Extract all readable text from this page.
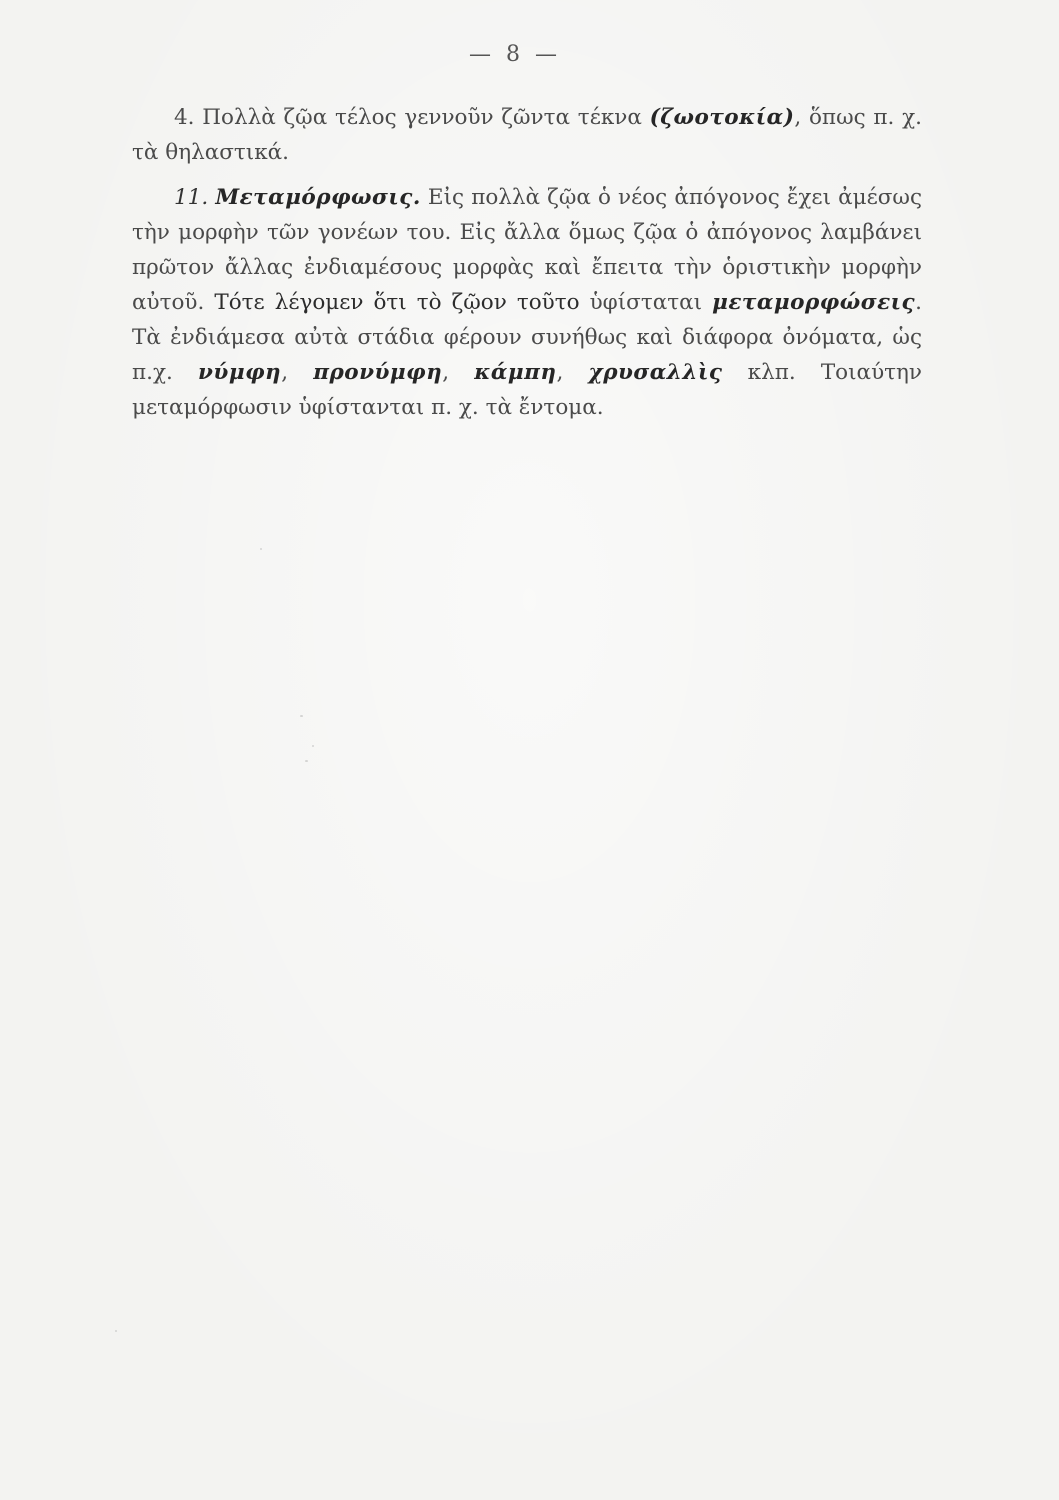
— 8 —

4. Πολλὰ ζῷα τέλος γεννοῦν ζῶντα τέκνα (ζωοτοκία), ὅπως π. χ. τὰ θηλαστικά.

11. Μεταμόρφωσις. Εἰς πολλὰ ζῷα ὁ νέος ἀπόγονος ἔχει ἀμέσως τὴν μορφὴν τῶν γονέων του. Εἰς ἄλλα ὅμως ζῷα ὁ ἀπόγονος λαμβάνει πρῶτον ἄλλας ἐνδιαμέσους μορφὰς καὶ ἔπειτα τὴν ὁριστικὴν μορφὴν αὐτοῦ. Τότε λέγομεν ὅτι τὸ ζῷον τοῦτο ὑφίσταται μεταμορφώσεις. Τὰ ἐνδιάμεσα αὐτὰ στάδια φέρουν συνήθως καὶ διάφορα ὀνόματα, ὡς π.χ. νύμφη, προνύμφη, κάμπη, χρυσαλλὶς κλπ. Τοιαύτην μεταμόρφωσιν ὑφίστανται π. χ. τὰ ἔντομα.
